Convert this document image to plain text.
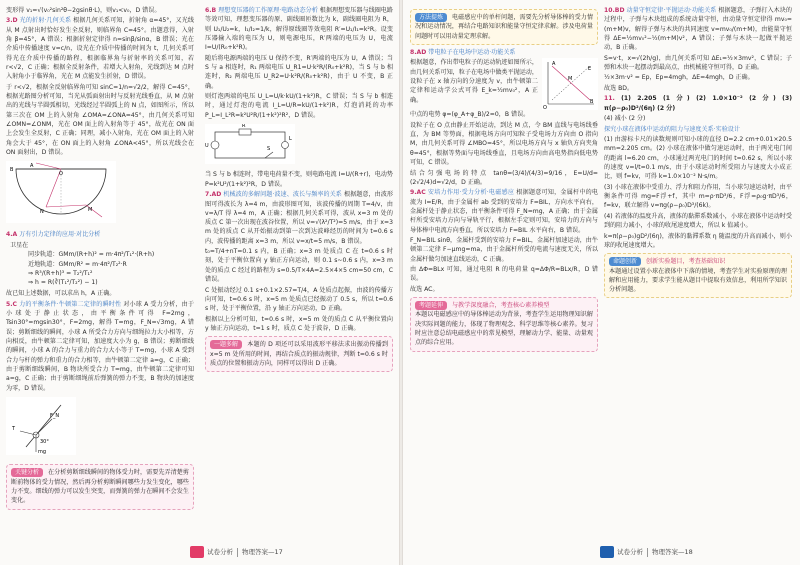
变形得 v₁=√(v₀²sin²θ−2gsinθ·L)，则v₁<v₀，D 错误。

3.D 光的折射·几何关系 根据几何关系可知，折射角 α=45°，又光线从 M 点射出时恰好发生全反射，则临界角 C=45°。由题意得，入射角 β=45°，A 错误；根据折射定律得 n=sinβ/sinα，B 错误；光在介质中传播速度 v=c/n，设光在介质中传播的时间为 t，几何关系可得光在介质中传播的路程，根据临界角与折射率的关系可知，若 r<√2，C 正确；根据全反射条件，若增大入射角，光线到达 M 点时入射角小于临界角，光在 M 点能发生折射，D 错误。

于 r<√2，根据全反射临界角可知 sinC=1/n=√2/2，解得 C=45°，根据光路图分析可知，当光从弧面射出时与反射光线垂直，从 M 点射出的光线与半圆弧相切，光线经过半圆弧上的 N 点，如图所示，所以第三次在 OM 上的入射角 ∠OMA=∠ONA=45°，由几何关系可知 ∠OMN=∠ONM，光在 OM 面上的入射角等于 45°，故光在 ON 面上会发生全反射，C 正确；同理，减小入射角，光在 OM 面上的入射角会大于 45°，在 ON 面上的入射角 ∠ONA<45°，所以光线会在 ON 面射出，D 错误。

A
B
O
N	M

4.A 万有引力定律的应用·对比分析

卫星在
同步轨道：GMm/(R+h)² = m·4π²/T₁²·(R+h)
近地轨道：GMm/R² = m·4π²/T₂²·R
⇒ R³/(R+h)³ = T₂²/T₁²
⇒ h = R(∛(T₁²/T₂²) − 1)

故已知上述数据，可以求出 h，A 正确。

5.C 力的平衡条件·牛顿第二定律的瞬时性 对小球 A 受力分析，由于小球处于静止状态，由平衡条件可得 F=2mg，Tsin30°=mgsin30°，F=2mg，解得 T=mg，F_N=√3mg，A 错误；剪断细线的瞬间，小球 A 所受合力方向与细绳拉力大小相等，方向相反，由牛顿第二定律可知，加速度大小为 g，B 错误；剪断细线的瞬间，小球 A 的合力与重力的合力大小等于 T=mg，小球 A 受到合力与杆的弹力和重力的合力相等，由牛顿第二定律 a=g，C 正确；由于剪断细线瞬间，B 物块所受合力 T=mg，由牛顿第二定律可知 a=g，C 正确；由于剪断细绳前后弹簧的弹力不变，B 物块的加速度为零，D 错误。

F_N
T
30°
mg
关键分析 在分析剪断细线瞬间的物体受力时，需要先弄清楚剪断前物体的受力情况，然后再分析剪断瞬间哪些力发生变化，哪些力不变。细线的弹力可以发生突变，而弹簧的弹力在瞬间不会发生变化。

6.B 理想变压器的工作原理·电路动态分析 根据理想变压器与线圈电路等效可知，理想变压器的原、副线圈匝数比为 k，副线圈电阻为 R，则 U₁/U₂=k，I₁/I₂=1/k，解得原线圈等效电阻 R′=U₁/I₁=k²R。设变压器输入端的电压为 U，则电源电压，R′两端的电压为 U，电流 I=U/(R₀+k²R)。

随后将电源两端的电压 U 保持不变，R′两端的电压为 U，A 错误；当 S 与 a 相连时，R₁ 两端电压 U_R1=U·k²R/(R₀+k²R)，当 S 与 b 相连时，R₂ 两端电压 U_R2=U·k²R/(R₀+k²R)，由于 U 不变，B 正确。

则灯泡两端的电压 U_L=U/k·kU/(1+k²)R，C 错误；当 S 与 b 相连时，通过灯泡的电流 I_L=U/R=kU/(1+k²)R，灯泡消耗的功率 P_L=I_L²R=k²U²R/(1+k²)²R²，D 错误。

R
U	S
L

当 S 与 b 相连时，带电电荷量不变，则电路电流 I=U/(R+r)，电动势 P=k²U²/(1+k²)²R，D 错误。

7.AD 机械波的多解问题·波速、波长与频率的关系 根据题意，由波形图可得波长为 λ=4 m，由波形图可知，该波传播的周期 T=4/v，由 v=λ/T 得 λ=4 m，A 正确；根据几何关系可得，波从 x=3 m 处的质点 C 第一次出现在波谷位置，所以 v=√(λ²/T²)=5 m/s，由于 x=3 m 处的质点 C 从开始振动到第一次到达波峰经历的时间为 t=0.6 s 内，波传播的距离 x=3 m，所以 v=x/t=5 m/s，B 错误。

t₀=T/4+nT=0.1 s 内，B 正确；x=3 m 处质点 C 在 t=0.6 s 时刻，处于平衡位置向 y 轴正方向运动，则 0.1 s~0.6 s 内，x=3 m 处的质点 C 经过的路程为 s=0.5/T×4A=2.5×4×5 cm=50 cm，C 错误。

C 处振动经过 0.1 s+0.1×2.57=T/4，A 处质点起振，由波的传播方向可知，t=0.6 s 时，x=5 m 处质点已经振动了 0.5 s，所以 t=0.6 s 时，处于平衡位置，沿 y 轴正方向运动，D 正确。

根据以上分析可知，t=0.6 s 时，x=5 m 处的质点 C 从平衡位置向 y 轴正方向运动，t=1 s 时，质点 C 处于波谷，D 正确。

一题多解 本题的 D 项还可以采用波形平移法求出振动传播到 x=5 m 处所用的时间，再结合质点的振动规律，判断 t=0.6 s 时质点的位置和振动方向，同样可以得出 D 正确。
试卷分析 物理答案—17
方法提炼 电磁感应中的单杆问题，需要先分析导体棒的受力情况和运动情况，再结合电路知识和能量守恒定律求解。涉及电荷量问题时可以用动量定理求解。

8.AD 带电粒子在电场中运动·功能关系

根据题意，作出带电粒子的运动轨迹如图所示，由几何关系可知，粒子在电场中做类平抛运动，设粒子在 x 轴方向的分速度为 v，由牛顿第二定律和运动学公式可得 E_k=½mv₀²，A 正确。

E
A
B
M
O

中点的电势 φ=(φ_A+φ_B)/2=0，B 错误。

设粒子在 O 点由静止开始运动，到达 M 点，令 BM 直线与电场线垂直，为 BM 等势面，根据电场方向可知粒子受电场力方向由 O 指向 M，由几何关系可得 ∠MBO=45°，所以电场方向与 x 轴负方向夹角 θ=45°，根据等势面与电场线垂直，且电场方向由高电势指向低电势可知，C 错误。

结合匀强电场的特点 tanθ=(3/4)/(4/3)=9/16，E=U/d=(2√2/4)d=√2/d，D 正确。

9.AC 安培力作用·受力分析·电磁感应 根据题意可知，金属杆中的电流为 I=E/R，由于金属杆 ab 受到的安培力 F=BIL，方向水平向右，金属杆处于静止状态，由平衡条件可得 F_N=mg，A 正确；由于金属杆所受安培力方向与导轨平行，根据左手定则可知，安培力的方向与导体棒中电流方向垂直，所以安培力 F=BIL 水平向右，B 错误。

F_N=BIL sinθ，金属杆受到的安培力 F=BIL，金属杆加速运动，由牛顿第二定律 F−μmg=ma，由于金属杆所受的电流与速度无关，所以金属杆做匀加速直线运动，C 正确。

由 ΔΦ=BLx 可知，通过电阻 R 的电荷量 q=ΔΦ/R=BLx/R，D 错误。

故选 AC。

考题延伸 与教学深度融合，考查核心素养模型
本题以电磁感应中的导体棒运动为背景，考查学生运用物理知识解决实际问题的能力，体现了物理观念、科学思维等核心素养。复习时应注意总结电磁感应中的常见模型，理解动力学、能量、动量观点的综合应用。

10.BD 动量守恒定律·平抛运动·功能关系 根据题意，子弹打入木块的过程中，子弹与木块组成的系统动量守恒，由动量守恒定律得 mv₀=(m+M)v，解得子弹与木块的共同速度 v=mv₀/(m+M)，由能量守恒得 ΔE=½mv₀²−½(m+M)v²，A 错误；子弹与木块一起做平抛运动，B 正确。

S=v·t，x=√(2h/g)，由几何关系可知 ΔE₁=½×3mv²，C 错误；子弹和木块一起摆动到最高点，由机械能守恒可得，D 正确。

½×3m·v² = Ep，Ep=4mgh，ΔE=4mgh，D 正确。

故选 BD。

11. (1) 2.205 (1 分) (2) 1.0×10⁻² (2 分) (3) π(ρ−ρ₀)D²/(6η) (2 分)

(4) 减小 (2 分)

探究小球在液体中运动的阻力与速度关系·实验设计

(1) 由游标卡尺的读数规则可知小球的直径 D=2.2 cm+0.01×20.5 mm=2.205 cm。(2) 小球在液体中做匀速运动时，由于两光电门间的距离 l=6.20 cm，小球通过两光电门的时间 t=0.62 s，所以小球的速度 v=l/t=0.1 m/s，由于小球运动时所受阻力与速度大小成正比，则 f=kv，可得 k=1.0×10⁻² N·s/m。

(3) 小球在液体中受重力、浮力和阻力作用，当小球匀速运动时，由平衡条件可得 mg=F浮+f，其中 m=ρ·πD³/6，F浮=ρ₀g·πD³/6，f=kv，联立解得 v=πg(ρ−ρ₀)D³/(6k)。

(4) 若液体的温度升高，液体的黏滞系数减小，小球在液体中运动时受到的阻力减小，小球的收尾速度增大，所以 k 值减小。

k=π(ρ−ρ₀)gD²/(6η)，液体的黏滞系数 η 随温度的升高而减小，则小球的收尾速度增大。

命题创新 创新实验题目，考查基础知识
本题通过设置小球在液体中下落的情境，考查学生对实验原理的理解和应用能力，要求学生能从题目中提取有效信息，利用所学知识分析问题。
试卷分析 物理答案—18
